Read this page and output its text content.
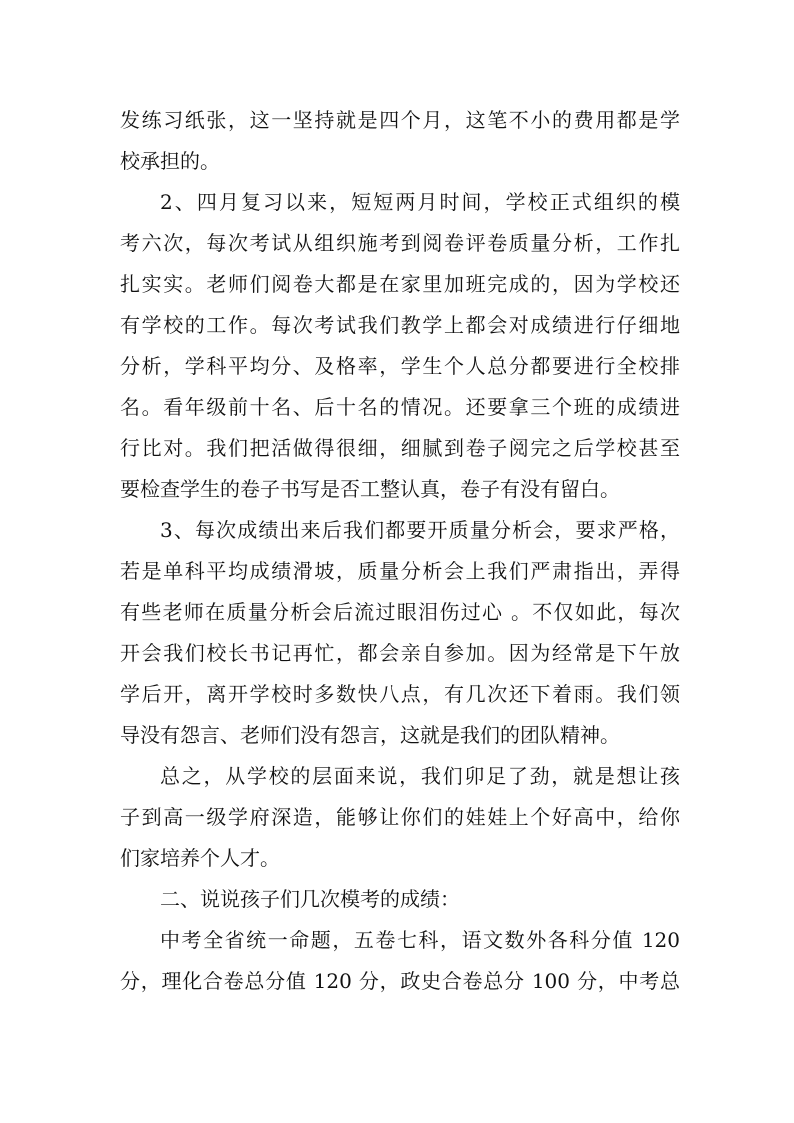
发练习纸张，这一坚持就是四个月，这笔不小的费用都是学
校承担的。
2、四月复习以来，短短两月时间，学校正式组织的模
考六次，每次考试从组织施考到阅卷评卷质量分析，工作扎
扎实实。老师们阅卷大都是在家里加班完成的，因为学校还
有学校的工作。每次考试我们教学上都会对成绩进行仔细地
分析，学科平均分、及格率，学生个人总分都要进行全校排
名。看年级前十名、后十名的情况。还要拿三个班的成绩进
行比对。我们把活做得很细，细腻到卷子阅完之后学校甚至
要检查学生的卷子书写是否工整认真，卷子有没有留白。
3、每次成绩出来后我们都要开质量分析会，要求严格，
若是单科平均成绩滑坡，质量分析会上我们严肃指出，弄得
有些老师在质量分析会后流过眼泪伤过心 。不仅如此，每次
开会我们校长书记再忙，都会亲自参加。因为经常是下午放
学后开，离开学校时多数快八点，有几次还下着雨。我们领
导没有怨言、老师们没有怨言，这就是我们的团队精神。
总之，从学校的层面来说，我们卯足了劲，就是想让孩
子到高一级学府深造，能够让你们的娃娃上个好高中，给你
们家培养个人才。
二、说说孩子们几次模考的成绩：
中考全省统一命题，五卷七科，语文数外各科分值 120
分，理化合卷总分值 120 分，政史合卷总分 100 分，中考总
